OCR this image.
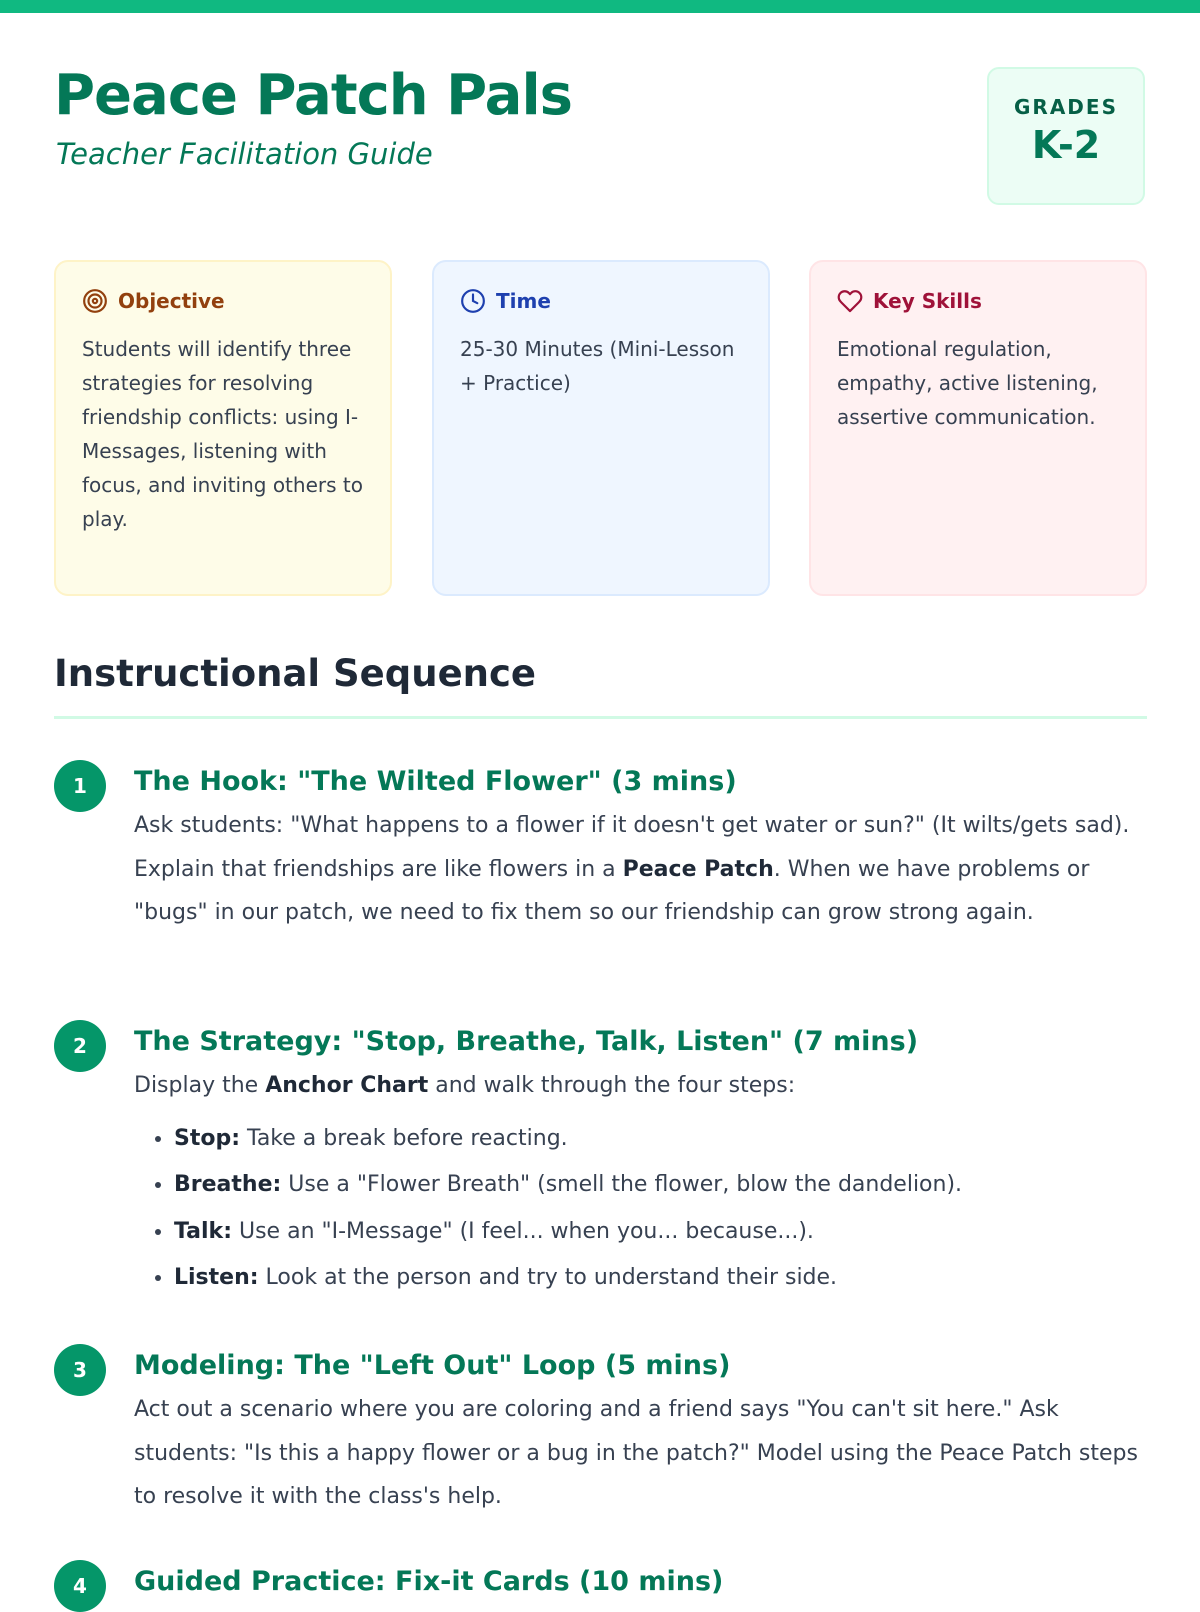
Peace Patch Pals

Teacher Facilitation Guide

GRADES
K-2
Objective
Students will identify three strategies for resolving friendship conflicts: using I-Messages, listening with focus, and inviting others to play.
Time
25-30 Minutes (Mini-Lesson + Practice)
Key Skills
Emotional regulation, empathy, active listening, assertive communication.
Instructional Sequence
1	The Hook: "The Wilted Flower" (3 mins)

Ask students: "What happens to a flower if it doesn't get water or sun?" (It wilts/gets sad). Explain that friendships are like flowers in a Peace Patch. When we have problems or "bugs" in our patch, we need to fix them so our friendship can grow strong again.

2	The Strategy: "Stop, Breathe, Talk, Listen" (7 mins)

Display the Anchor Chart and walk through the four steps:

• Stop: Take a break before reacting.
• Breathe: Use a "Flower Breath" (smell the flower, blow the dandelion).
• Talk: Use an "I-Message" (I feel... when you... because...).
• Listen: Look at the person and try to understand their side.
3	Modeling: The "Left Out" Loop (5 mins)

Act out a scenario where you are coloring and a friend says "You can't sit here." Ask students: "Is this a happy flower or a bug in the patch?" Model using the Peace Patch steps to resolve it with the class's help.

4	Guided Practice: Fix-it Cards (10 mins)
